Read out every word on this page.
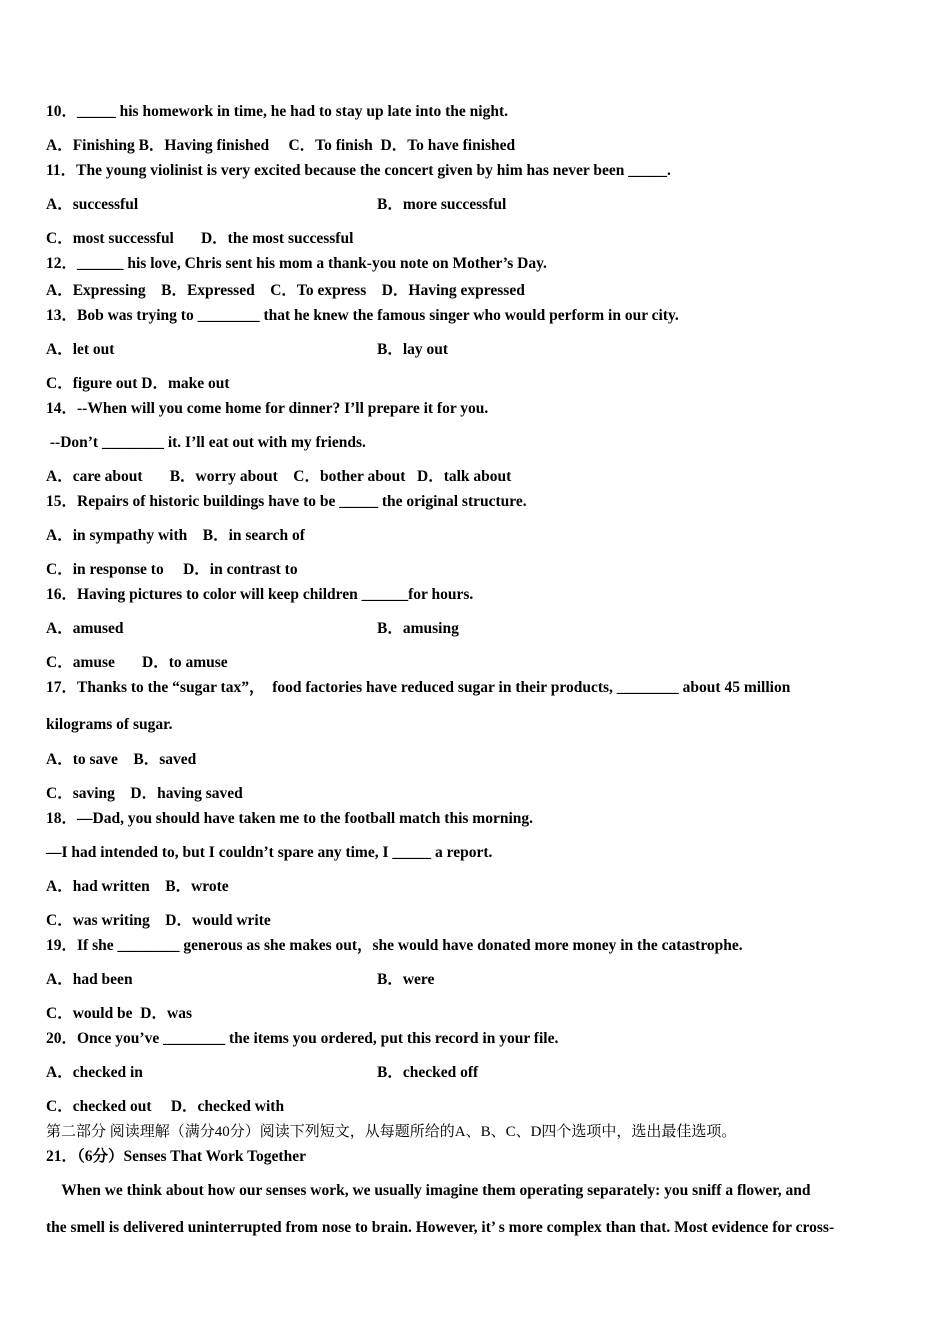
10．_____ his homework in time, he had to stay up late into the night.
A．Finishing B．Having finished     C．To finish  D．To have finished
11．The young violinist is very excited because the concert given by him has never been _____.
A．successful	B．more successful
C．most successful       D．the most successful
12．______ his love, Chris sent his mom a thank-you note on Mother’s Day.
A．Expressing    B．Expressed    C．To express    D．Having expressed
13．Bob was trying to ________ that he knew the famous singer who would perform in our city.
A．let out	B．lay out
C．figure out D．make out
14．--When will you come home for dinner? I’ll prepare it for you.
--Don’t ________ it. I’ll eat out with my friends.
A．care about       B．worry about    C．bother about   D．talk about
15．Repairs of historic buildings have to be _____ the original structure.
A．in sympathy with    B．in search of
C．in response to     D．in contrast to
16．Having pictures to color will keep children ______for hours.
A．amused	B．amusing
C．amuse       D．to amuse
17．Thanks to the “sugar tax”，  food factories have reduced sugar in their products, ________ about 45 million
kilograms of sugar.
A．to save    B．saved
C．saving    D．having saved
18．—Dad, you should have taken me to the football match this morning.
—I had intended to, but I couldn’t spare any time, I _____ a report.
A．had written    B．wrote
C．was writing    D．would write
19．If she ________ generous as she makes out，she would have donated more money in the catastrophe.
A．had been	B．were
C．would be  D．was
20．Once you’ve ________ the items you ordered, put this record in your file.
A．checked in	B．checked off
C．checked out     D．checked with
第二部分 阅读理解（满分40分）阅读下列短文，从每题所给的A、B、C、D四个选项中，选出最佳选项。
21．（6分）Senses That Work Together
When we think about how our senses work, we usually imagine them operating separately: you sniff a flower, and
the smell is delivered uninterrupted from nose to brain. However, it’ s more complex than that. Most evidence for cross-
